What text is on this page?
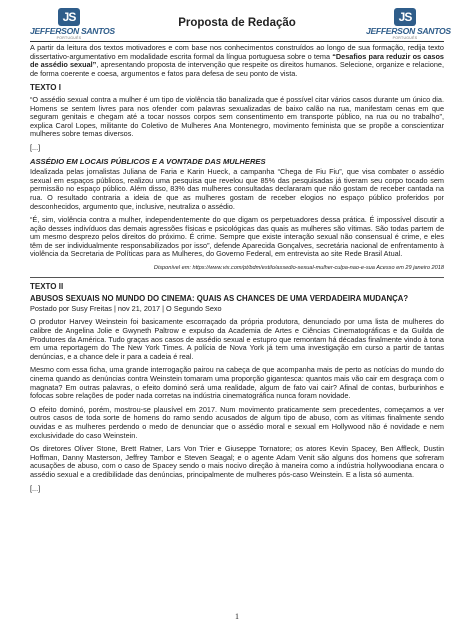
JS
JEFFERSON SANTOS
PORTUGUÊS
Proposta de Redação	JS
JEFFERSON SANTOS
PORTUGUÊS

A partir da leitura dos textos motivadores e com base nos conhecimentos construídos ao longo de sua formação, redija texto dissertativo-argumentativo em modalidade escrita formal da língua portuguesa sobre o tema “Desafios para reduzir os casos de assédio sexual”, apresentando proposta de intervenção que respeite os direitos humanos. Selecione, organize e relacione, de forma coerente e coesa, argumentos e fatos para defesa de seu ponto de vista.

TEXTO I

“O assédio sexual contra a mulher é um tipo de violência tão banalizada que é possível citar vários casos durante um único dia. Homens se sentem livres para nos ofender com palavras sexualizadas de baixo calão na rua, manifestam cenas em que seguram genitais e chegam até a tocar nossos corpos sem consentimento em transporte público, na rua ou no trabalho”, explica Carol Lopes, militante do Coletivo de Mulheres Ana Montenegro, movimento feminista que se propõe a conscientizar mulheres sobre temas diversos.

[...]

ASSÉDIO EM LOCAIS PÚBLICOS E A VONTADE DAS MULHERES

Idealizada pelas jornalistas Juliana de Faria e Karin Hueck, a campanha “Chega de Fiu Fiu”, que visa combater o assédio sexual em espaços públicos, realizou uma pesquisa que revelou que 85% das pesquisadas já tiveram seu corpo tocado sem permissão no espaço público. Além disso, 83% das mulheres consultadas declararam que não gostam de receber cantada na rua. O resultado contraria a ideia de que as mulheres gostam de receber elogios no espaço público proferidos por desconhecidos, argumento que, inclusive, neutraliza o assédio.

“É, sim, violência contra a mulher, independentemente do que digam os perpetuadores dessa prática. É impossível discutir a ação desses indivíduos das demais agressões físicas e psicológicas das quais as mulheres são vítimas. São todas partem de um mesmo desprezo pelos direitos do próximo. É crime. Sempre que existe interação sexual não consensual é crime, e eles têm de ser individualmente responsabilizados por isso”, defende Aparecida Gonçalves, secretária nacional de enfrentamento à violência da Secretaria de Políticas para as Mulheres, do Governo Federal, em entrevista ao site Rede Brasil Atual.

Disponível em: https://www.vix.com/pt/bdm/estilo/assedio-sexual-mulher-culpa-nao-e-sua Acesso em 29 janeiro 2018
TEXTO II
ABUSOS SEXUAIS NO MUNDO DO CINEMA: QUAIS AS CHANCES DE UMA VERDADEIRA MUDANÇA?

Postado por Susy Freitas | nov 21, 2017 | O Segundo Sexo

O produtor Harvey Weinstein foi basicamente escorraçado da própria produtora, denunciado por uma lista de mulheres do calibre de Angelina Jolie e Gwyneth Paltrow e expulso da Academia de Artes e Ciências Cinematográficas e da Guilda de Produtores da América. Tudo graças aos casos de assédio sexual e estupro que remontam há décadas finalmente vindo à tona em uma reportagem do The New York Times. A polícia de Nova York já tem uma investigação em curso a partir de tantas denúncias, e a chance dele ir para a cadeia é real.

Mesmo com essa ficha, uma grande interrogação pairou na cabeça de que acompanha mais de perto as notícias do mundo do cinema quando as denúncias contra Weinstein tomaram uma proporção gigantesca: quantos mais vão cair em desgraça com o magnata? Em outras palavras, o efeito dominó será uma realidade, algum de fato vai cair? Afinal de contas, burburinhos e fofocas sobre relações de poder nada corretas na indústria cinematográfica nunca foram novidade.

O efeito dominó, porém, mostrou-se plausível em 2017. Num movimento praticamente sem precedentes, começamos a ver outros casos de toda sorte de homens do ramo sendo acusados de algum tipo de abuso, com as vítimas finalmente sendo ouvidas e as mulheres perdendo o medo de denunciar que o assédio moral e sexual em Hollywood não é novidade e nem exclusividade do caso Weinstein.

Os diretores Oliver Stone, Brett Ratner, Lars Von Trier e Giuseppe Tornatore; os atores Kevin Spacey, Ben Affleck, Dustin Hoffman, Danny Masterson, Jeffrey Tambor e Steven Seagal; e o agente Adam Venit são alguns dos homens que sofreram acusações de abuso, com o caso de Spacey sendo o mais nocivo direção à maneira como a indústria hollywoodiana encara o assédio sexual e a credibilidade das denúncias, principalmente de mulheres pós-caso Weinstein. E a lista só aumenta.

[...]

1
